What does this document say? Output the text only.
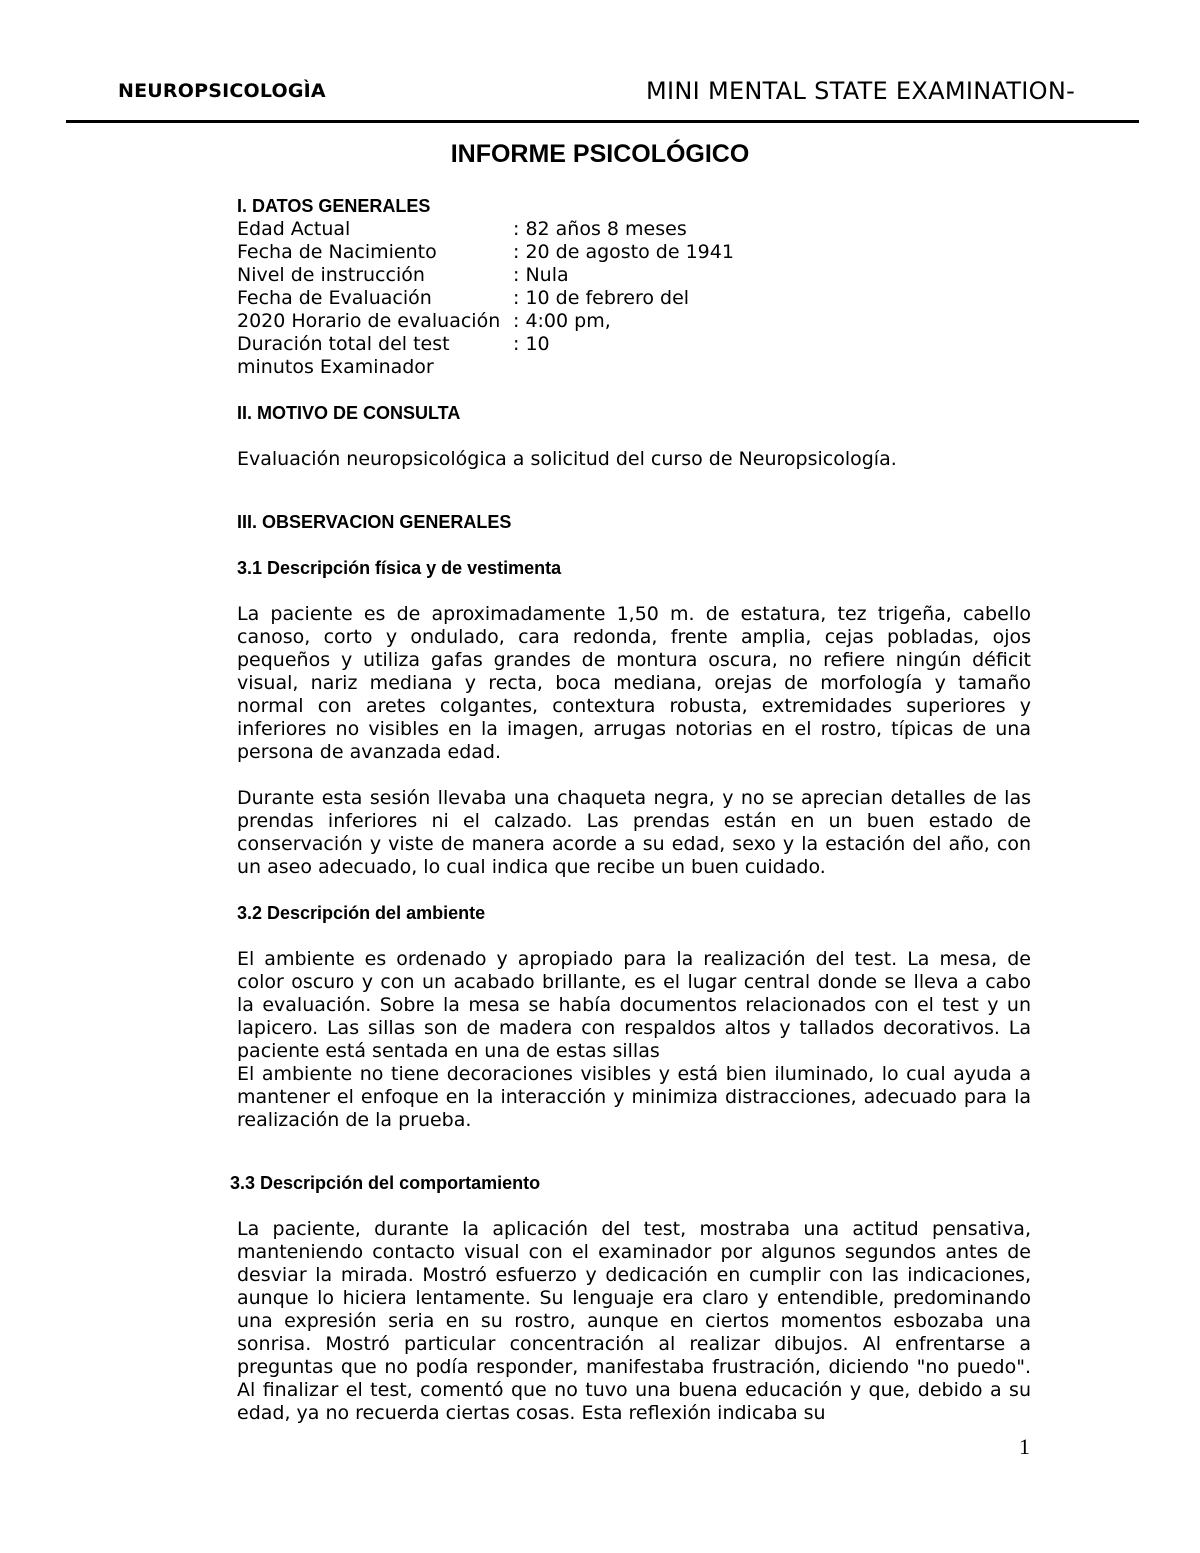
NEUROPSICOLOGÌA	MINI MENTAL STATE EXAMINATION-
INFORME PSICOLÓGICO
I. DATOS GENERALES
Edad Actual	: 82 años 8 meses
Fecha de Nacimiento	: 20 de agosto de 1941
Nivel de instrucción	: Nula
Fecha de Evaluación	: 10 de febrero del
2020 Horario de evaluación : 4:00 pm,
Duración total del test	: 10
minutos Examinador
II. MOTIVO DE CONSULTA
Evaluación neuropsicológica a solicitud del curso de Neuropsicología.
III. OBSERVACION GENERALES
3.1 Descripción física y de vestimenta

La paciente es de aproximadamente 1,50 m. de estatura, tez trigeña, cabello canoso, corto y ondulado, cara redonda, frente amplia, cejas pobladas, ojos pequeños y utiliza gafas grandes de montura oscura, no refiere ningún déficit visual, nariz mediana y recta, boca mediana, orejas de morfología y tamaño normal con aretes colgantes, contextura robusta, extremidades superiores y inferiores no visibles en la imagen, arrugas notorias en el rostro, típicas de una persona de avanzada edad.

Durante esta sesión llevaba una chaqueta negra, y no se aprecian detalles de las prendas inferiores ni el calzado. Las prendas están en un buen estado de conservación y viste de manera acorde a su edad, sexo y la estación del año, con un aseo adecuado, lo cual indica que recibe un buen cuidado.

3.2 Descripción del ambiente

El ambiente es ordenado y apropiado para la realización del test. La mesa, de color oscuro y con un acabado brillante, es el lugar central donde se lleva a cabo la evaluación. Sobre la mesa se había documentos relacionados con el test y un lapicero. Las sillas son de madera con respaldos altos y tallados decorativos. La paciente está sentada en una de estas sillas

El ambiente no tiene decoraciones visibles y está bien iluminado, lo cual ayuda a mantener el enfoque en la interacción y minimiza distracciones, adecuado para la realización de la prueba.

3.3 Descripción del comportamiento

La paciente, durante la aplicación del test, mostraba una actitud pensativa, manteniendo contacto visual con el examinador por algunos segundos antes de desviar la mirada. Mostró esfuerzo y dedicación en cumplir con las indicaciones, aunque lo hiciera lentamente. Su lenguaje era claro y entendible, predominando una expresión seria en su rostro, aunque en ciertos momentos esbozaba una sonrisa. Mostró particular concentración al realizar dibujos. Al enfrentarse a preguntas que no podía responder, manifestaba frustración, diciendo "no puedo". Al finalizar el test, comentó que no tuvo una buena educación y que, debido a su edad, ya no recuerda ciertas cosas. Esta reflexión indicaba su

1
